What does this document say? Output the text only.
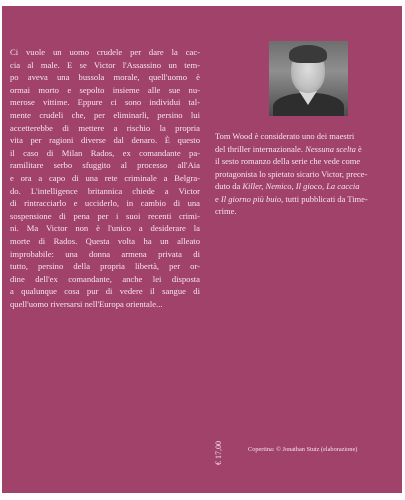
Ci vuole un uomo crudele per dare la cac-
cia al male. E se Victor l'Assassino un tem-
po aveva una bussola morale, quell'uomo è
ormai morto e sepolto insieme alle sue nu-
merose vittime. Eppure ci sono individui tal-
mente crudeli che, per eliminarli, persino lui
accetterebbe di mettere a rischio la propria
vita per ragioni diverse dal denaro. È questo
il caso di Milan Rados, ex comandante pa-
ramilitare serbo sfuggito al processo all'Aia
e ora a capo di una rete criminale a Belgra-
do. L'intelligence britannica chiede a Victor
di rintracciarlo e ucciderlo, in cambio di una
sospensione di pena per i suoi recenti crimi-
ni. Ma Victor non è l'unico a desiderare la
morte di Rados. Questa volta ha un alleato
improbabile: una donna armena privata di
tutto, persino della propria libertà, per or-
dine dell'ex comandante, anche lei disposta
a qualunque cosa pur di vedere il sangue di
quell'uomo riversarsi nell'Europa orientale...
Tom Wood è considerato uno dei maestri
del thriller internazionale. Nessuna scelta è
il sesto romanzo della serie che vede come
protagonista lo spietato sicario Victor, prece-
duto da Killer, Nemico, Il gioco, La caccia
e Il giorno più buio, tutti pubblicati da Time-
crime.
€ 17,00	Copertina: © Jonathan Stutz (elaborazione)
